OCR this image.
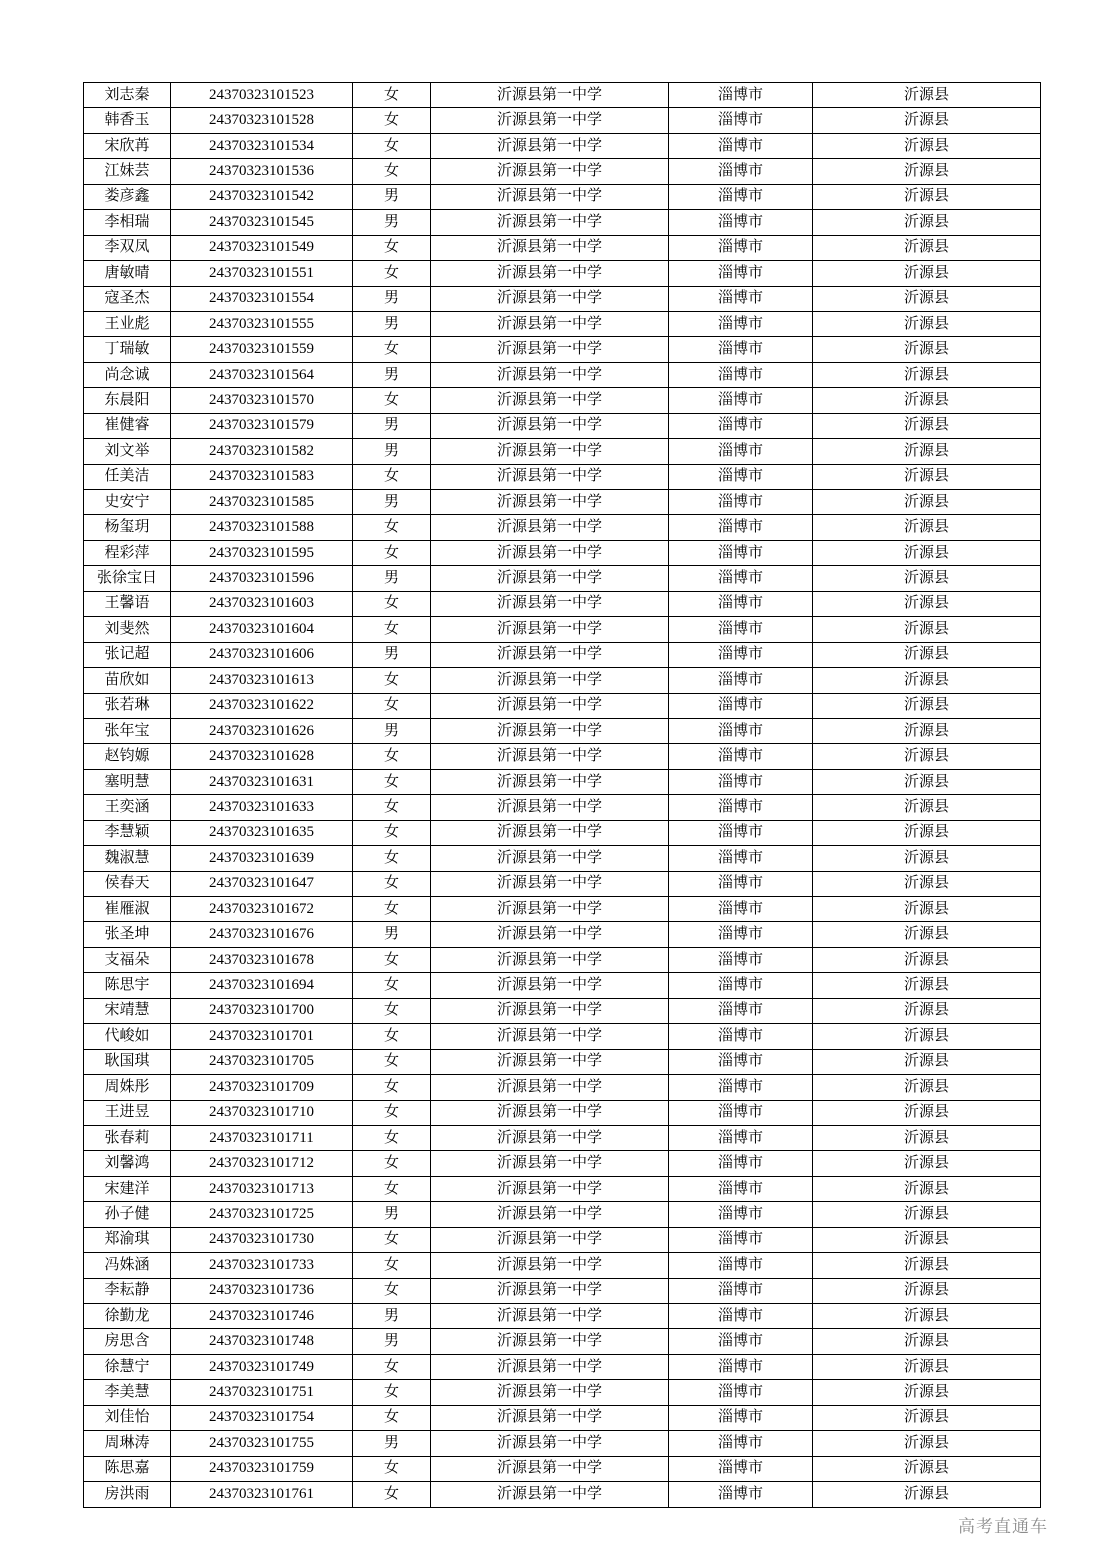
刘志秦	24370323101523	女	沂源县第一中学	淄博市	沂源县
韩香玉	24370323101528	女	沂源县第一中学	淄博市	沂源县
宋欣苒	24370323101534	女	沂源县第一中学	淄博市	沂源县
江妹芸	24370323101536	女	沂源县第一中学	淄博市	沂源县
娄彦鑫	24370323101542	男	沂源县第一中学	淄博市	沂源县
李相瑞	24370323101545	男	沂源县第一中学	淄博市	沂源县
李双凤	24370323101549	女	沂源县第一中学	淄博市	沂源县
唐敏晴	24370323101551	女	沂源县第一中学	淄博市	沂源县
寇圣杰	24370323101554	男	沂源县第一中学	淄博市	沂源县
王业彪	24370323101555	男	沂源县第一中学	淄博市	沂源县
丁瑞敏	24370323101559	女	沂源县第一中学	淄博市	沂源县
尚念诚	24370323101564	男	沂源县第一中学	淄博市	沂源县
东晨阳	24370323101570	女	沂源县第一中学	淄博市	沂源县
崔健睿	24370323101579	男	沂源县第一中学	淄博市	沂源县
刘文举	24370323101582	男	沂源县第一中学	淄博市	沂源县
任美洁	24370323101583	女	沂源县第一中学	淄博市	沂源县
史安宁	24370323101585	男	沂源县第一中学	淄博市	沂源县
杨玺玥	24370323101588	女	沂源县第一中学	淄博市	沂源县
程彩萍	24370323101595	女	沂源县第一中学	淄博市	沂源县
张徐宝日	24370323101596	男	沂源县第一中学	淄博市	沂源县
王馨语	24370323101603	女	沂源县第一中学	淄博市	沂源县
刘斐然	24370323101604	女	沂源县第一中学	淄博市	沂源县
张记超	24370323101606	男	沂源县第一中学	淄博市	沂源县
苗欣如	24370323101613	女	沂源县第一中学	淄博市	沂源县
张若琳	24370323101622	女	沂源县第一中学	淄博市	沂源县
张年宝	24370323101626	男	沂源县第一中学	淄博市	沂源县
赵钧嫄	24370323101628	女	沂源县第一中学	淄博市	沂源县
塞明慧	24370323101631	女	沂源县第一中学	淄博市	沂源县
王奕涵	24370323101633	女	沂源县第一中学	淄博市	沂源县
李慧颖	24370323101635	女	沂源县第一中学	淄博市	沂源县
魏淑慧	24370323101639	女	沂源县第一中学	淄博市	沂源县
侯春天	24370323101647	女	沂源县第一中学	淄博市	沂源县
崔雁淑	24370323101672	女	沂源县第一中学	淄博市	沂源县
张圣坤	24370323101676	男	沂源县第一中学	淄博市	沂源县
支福朵	24370323101678	女	沂源县第一中学	淄博市	沂源县
陈思宇	24370323101694	女	沂源县第一中学	淄博市	沂源县
宋靖慧	24370323101700	女	沂源县第一中学	淄博市	沂源县
代峻如	24370323101701	女	沂源县第一中学	淄博市	沂源县
耿国琪	24370323101705	女	沂源县第一中学	淄博市	沂源县
周姝彤	24370323101709	女	沂源县第一中学	淄博市	沂源县
王进昱	24370323101710	女	沂源县第一中学	淄博市	沂源县
张春莉	24370323101711	女	沂源县第一中学	淄博市	沂源县
刘馨鸿	24370323101712	女	沂源县第一中学	淄博市	沂源县
宋建洋	24370323101713	女	沂源县第一中学	淄博市	沂源县
孙子健	24370323101725	男	沂源县第一中学	淄博市	沂源县
郑渝琪	24370323101730	女	沂源县第一中学	淄博市	沂源县
冯姝涵	24370323101733	女	沂源县第一中学	淄博市	沂源县
李耘静	24370323101736	女	沂源县第一中学	淄博市	沂源县
徐勤龙	24370323101746	男	沂源县第一中学	淄博市	沂源县
房思含	24370323101748	男	沂源县第一中学	淄博市	沂源县
徐慧宁	24370323101749	女	沂源县第一中学	淄博市	沂源县
李美慧	24370323101751	女	沂源县第一中学	淄博市	沂源县
刘佳怡	24370323101754	女	沂源县第一中学	淄博市	沂源县
周琳涛	24370323101755	男	沂源县第一中学	淄博市	沂源县
陈思嘉	24370323101759	女	沂源县第一中学	淄博市	沂源县
房洪雨	24370323101761	女	沂源县第一中学	淄博市	沂源县
高考直通车
